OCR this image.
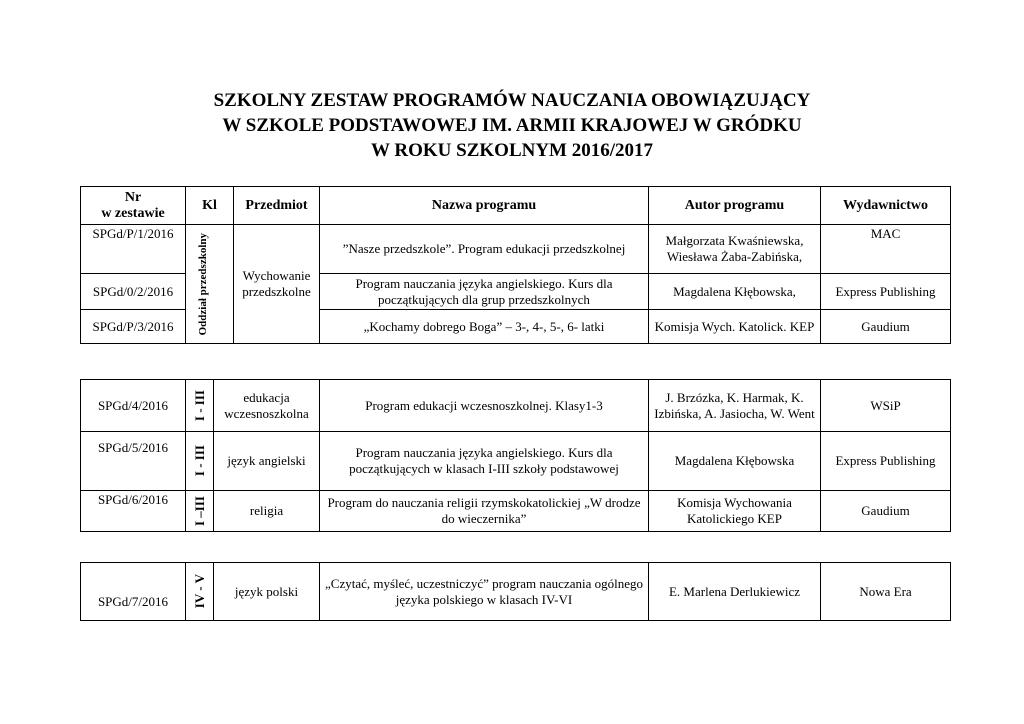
SZKOLNY ZESTAW PROGRAMÓW NAUCZANIA OBOWIĄZUJĄCY
W SZKOLE PODSTAWOWEJ IM. ARMII KRAJOWEJ W GRÓDKU
W ROKU SZKOLNYM 2016/2017
Nr
w zestawie	Kl	Przedmiot	Nazwa programu	Autor programu	Wydawnictwo
SPGd/P/1/2016	Oddział przedszkolny	Wychowanie przedszkolne	”Nasze przedszkole”. Program edukacji przedszkolnej	Małgorzata Kwaśniewska, Wiesława Żaba-Zabińska,	MAC
SPGd/0/2/2016			Program nauczania języka angielskiego. Kurs dla początkujących dla grup przedszkolnych	Magdalena Kłębowska,	Express Publishing
SPGd/P/3/2016			„Kochamy dobrego Boga” – 3-, 4-, 5-, 6- latki	Komisja Wych. Katolick. KEP	Gaudium
SPGd/4/2016	I - III	edukacja wczesnoszkolna	Program edukacji wczesnoszkolnej. Klasy1-3	J. Brzózka, K. Harmak, K. Izbińska, A. Jasiocha, W. Went	WSiP
SPGd/5/2016	I - III	język angielski	Program nauczania języka angielskiego. Kurs dla początkujących w klasach I-III szkoły podstawowej	Magdalena Kłębowska	Express Publishing
SPGd/6/2016	I –III	religia	Program do nauczania religii rzymskokatolickiej „W drodze do wieczernika”	Komisja Wychowania Katolickiego KEP	Gaudium
SPGd/7/2016	IV - V	język polski	„Czytać, myśleć, uczestniczyć” program nauczania ogólnego języka polskiego w klasach IV-VI	E. Marlena Derlukiewicz	Nowa Era
